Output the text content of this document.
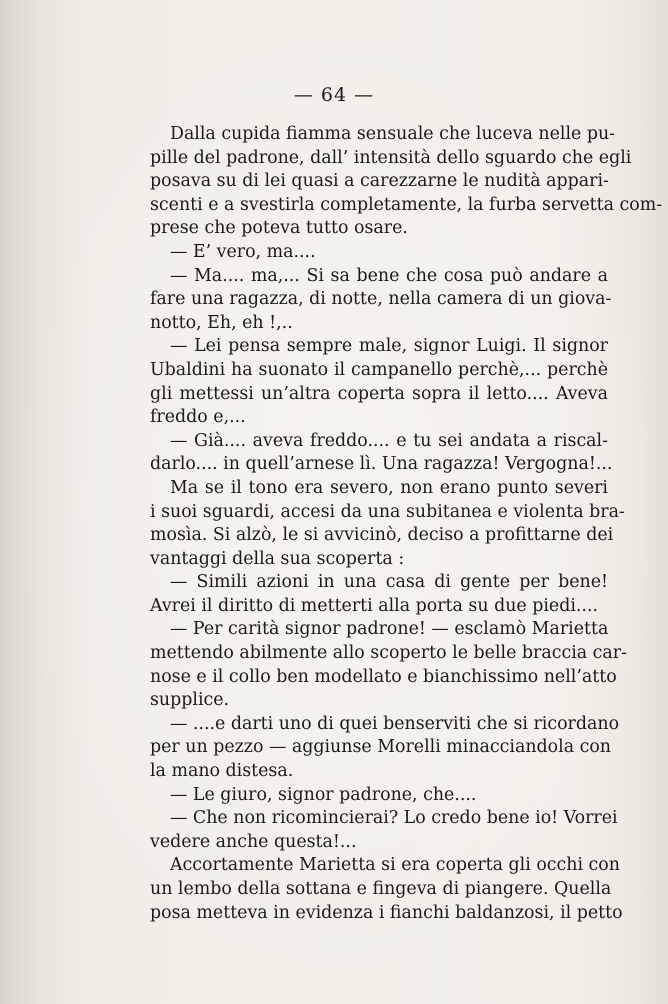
— 64 —
Dalla cupida fiamma sensuale che luceva nelle pu-
pille del padrone, dall’ intensità dello sguardo che egli
posava su di lei quasi a carezzarne le nudità appari-
scenti e a svestirla completamente, la furba servetta com-
prese che poteva tutto osare.
— E’ vero, ma....
— Ma.... ma,... Si sa bene che cosa può andare a
fare una ragazza, di notte, nella camera di un giova-
notto, Eh, eh !,..
— Lei pensa sempre male, signor Luigi. Il signor
Ubaldini ha suonato il campanello perchè,... perchè
gli mettessi un’altra coperta sopra il letto.... Aveva
freddo e,...
— Già.... aveva freddo.... e tu sei andata a riscal-
darlo.... in quell’arnese lì. Una ragazza! Vergogna!...
Ma se il tono era severo, non erano punto severi
i suoi sguardi, accesi da una subitanea e violenta bra-
mosìa. Si alzò, le si avvicinò, deciso a profittarne dei
vantaggi della sua scoperta :
— Simili azioni in una casa di gente per bene!
Avrei il diritto di metterti alla porta su due piedi....
— Per carità signor padrone! — esclamò Marietta
mettendo abilmente allo scoperto le belle braccia car-
nose e il collo ben modellato e bianchissimo nell’atto
supplice.
— ....e darti uno di quei benserviti che si ricordano
per un pezzo — aggiunse Morelli minacciandola con
la mano distesa.
— Le giuro, signor padrone, che....
— Che non ricomincierai? Lo credo bene io! Vorrei
vedere anche questa!...
Accortamente Marietta si era coperta gli occhi con
un lembo della sottana e fingeva di piangere. Quella
posa metteva in evidenza i fianchi baldanzosi, il petto
